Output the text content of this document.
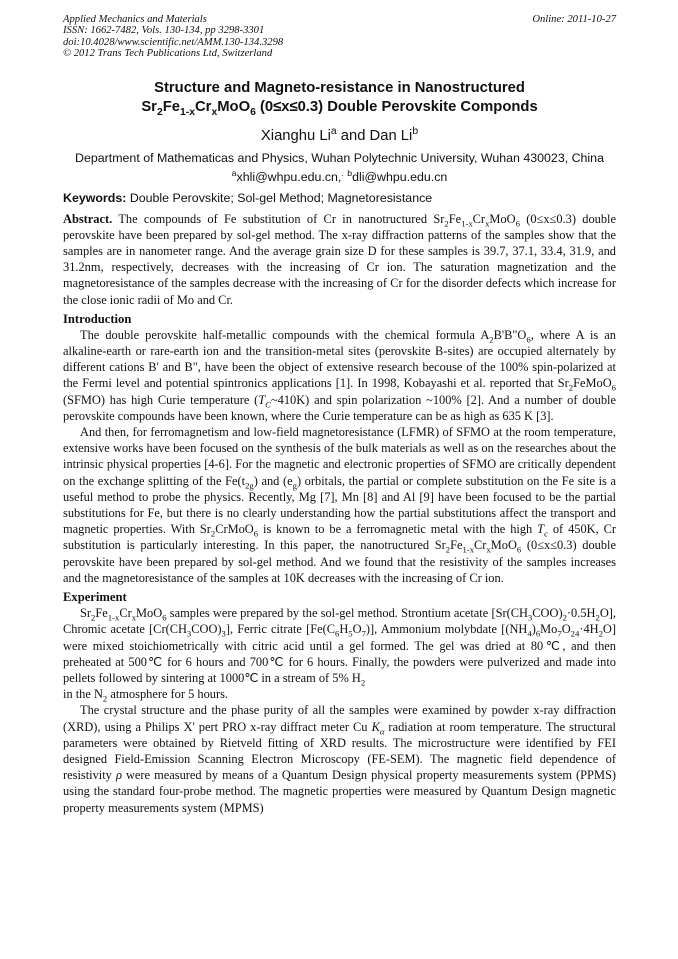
Applied Mechanics and Materials	Online: 2011-10-27
ISSN: 1662-7482, Vols. 130-134, pp 3298-3301
doi:10.4028/www.scientific.net/AMM.130-134.3298
© 2012 Trans Tech Publications Ltd, Switzerland
Structure and Magneto-resistance in Nanostructured
$Sr_2Fe_{1-x}Cr_xMoO_6$ (0≤x≤0.3) Double Perovskite Componds
Xianghu Li$^a$ and Dan Li$^b$
Department of Mathematicas and Physics, Wuhan Polytechnic University, Wuhan 430023, China
$^a$xhli@whpu.edu.cn,. $^b$dli@whpu.edu.cn
Keywords: Double Perovskite; Sol-gel Method; Magnetoresistance

Abstract. The compounds of Fe substitution of Cr in nanotructured $Sr_2Fe_{1-x}Cr_xMoO_6$ (0≤x≤0.3) double perovskite have been prepared by sol-gel method. The x-ray diffraction patterns of the samples show that the samples are in nanometer range. And the average grain size D for these samples is 39.7, 37.1, 33.4, 31.9, and 31.2nm, respectively, decreases with the increasing of Cr ion. The saturation magnetization and the magnetoresistance of the samples decrease with the increasing of Cr for the disorder defects which increase for the close ionic radii of Mo and Cr.

Introduction

The double perovskite half-metallic compounds with the chemical formula $A_2B'B"O_6$, where A is an alkaline-earth or rare-earth ion and the transition-metal sites (perovskite B-sites) are occupied alternately by different cations B' and B", have been the object of extensive research becouse of the 100% spin-polarized at the Fermi level and potential spintronics applications [1]. In 1998, Kobayashi et al. reported that $Sr_2FeMoO_6$ (SFMO) has high Curie temperature $(T_C\sim 410K)$ and spin polarization ~100% [2]. And a number of double perovskite compounds have been known, where the Curie temperature can be as high as 635 K [3].

And then, for ferromagnetism and low-field magnetoresistance (LFMR) of SFMO at the room temperature, extensive works have been focused on the synthesis of the bulk materials as well as on the researches about the intrinsic physical properties [4-6]. For the magnetic and electronic properties of SFMO are critically dependent on the exchange splitting of the $Fe(t_{2g})$ and $(e_g)$ orbitals, the partial or complete substitution on the Fe site is a useful method to probe the physics. Recently, Mg [7], Mn [8] and Al [9] have been focused to be the partial substitutions for Fe, but there is no clearly understanding how the partial substitutions affect the transport and magnetic properties. With $Sr_2CrMoO_6$ is known to be a ferromagnetic metal with the high $T_c$ of 450K, Cr substitution is particularly interesting. In this paper, the nanotructured $Sr_2Fe_{1-x}Cr_xMoO_6$ (0≤x≤0.3) double perovskite have been prepared by sol-gel method. And we found that the resistivity of the samples increases and the magnetoresistance of the samples at 10K decreases with the increasing of Cr ion.

Experiment

$Sr_2Fe_{1-x}Cr_xMoO_6$ samples were prepared by the sol-gel method. Strontium acetate $[Sr(CH_3COO)_2\cdot 0.5H_2O]$, Chromic acetate $[Cr(CH_3COO)_3]$, Ferric citrate $[Fe(C_6H_5O_7)]$, Ammonium molybdate $[(NH_4)_6Mo_7O_{24}\cdot 4H_2O]$ were mixed stoichiometrically with citric acid until a gel formed. The gel was dried at 80℃, and then preheated at 500℃ for 6 hours and 700℃ for 6 hours. Finally, the powders were pulverized and made into pellets followed by sintering at 1000℃ in a stream of 5% $H_2$
in the $N_2$ atmosphere for 5 hours.

The crystal structure and the phase purity of all the samples were examined by powder x-ray diffraction (XRD), using a Philips X' pert PRO x-ray diffract meter Cu $K_\alpha$ radiation at room temperature. The structural parameters were obtained by Rietveld fitting of XRD results. The microstructure were identified by FEI designed Field-Emission Scanning Electron Microscopy (FE-SEM). The magnetic field dependence of resistivity ρ were measured by means of a Quantum Design physical property measurements system (PPMS) using the standard four-probe method. The magnetic properties were measured by Quantum Design magnetic property measurements system (MPMS)
